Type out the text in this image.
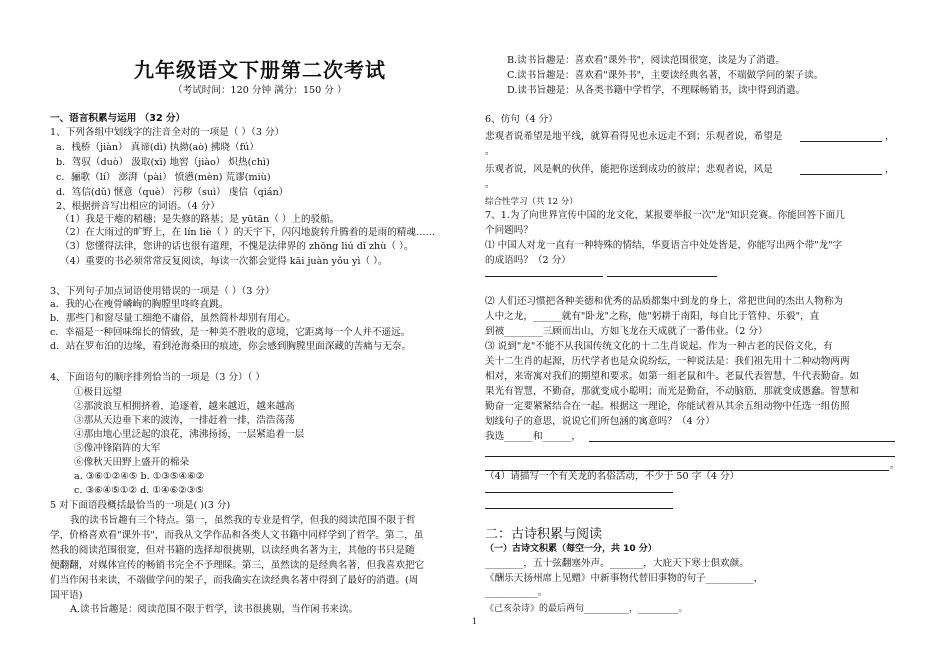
九年级语文下册第二次考试
（考试时间：120 分钟 满分：150 分 ）
一、语言积累与运用 （32 分）
1、下列各组中划线字的注音全对的一项是（ ）（3 分）
a．栈桥（jiàn） 真谛(dì) 执拗(aò) 拂晓（fú）
b．驾驭（duò） 汲取(xī) 地窖（jiào） 炽热(chì)
c．骊歌（lí） 澎湃（pài） 愤懑(mèn) 荒谬(miù)
d．笃信(dǔ) 惬意（què） 污秽（suì） 虔信（qián）
2、根据拼音写出相应的词语。（4 分）
（1）我是干瘪的稻穗；是失修的路基；是 yūtān（ ）上的驳船。
（2）在大雨过的旷野上，在 lín liè（ ）的天宇下，闪闪地旋转升腾着的是雨的精魂……
（3）您懂得法律，您讲的话也很有道理，不愧是法律界的 zhōng liú dǐ zhù（ ）。
（4）重要的书必须常常反复阅读，每读一次都会觉得 kāi juàn yǒu yì（ ）。
3、下列句子加点词语使用错误的一项是（ ）（3 分）
a．我的心在瘦骨嶙峋的胸膛里咚咚直跳。
b．那些门和窗尽量工细绝不庸俗，虽然简朴却别有用心。
c．幸福是一种回味绵长的情致，是一种美不胜收的意境，它距离每一个人并不遥远。
d．站在罗布泊的边缘，看到沧海桑田的痕迹，你会感到胸膛里面深藏的苦痛与无奈。
4、下面语句的顺序排列恰当的一项是（3 分）（ ）
①极目远望
②那波浪互相拥挤着，追逐着，越来越近，越来越高
③那从天边垂下来的波涛，一排赶着一排，浩浩荡荡
④那由地心里泛起的浪花，沸沸扬扬，一层紧追着一层
⑤像冲锋陷阵的大军
⑥像秋天田野上盛开的棉朵
a. ③⑥①②④⑤ b. ①③⑤④⑥②
c. ③⑥④⑤①② d. ①④⑥②③⑤
5 对下面语段概括最恰当的一项是( )(3 分)
我的读书旨趣有三个特点。第一，虽然我的专业是哲学，但我的阅读范围不限于哲
学，价格喜欢看"课外书"，而我从文学作品和各类人文书籍中同样学到了哲学。第二，虽
然我的阅读范围很宽，但对书籍的选择却很挑剔，以读经典名著为主，其他的书只是随
便翻翻，对媒体宣传的畅销书完全不予理睬。第三，虽然读的是经典名著，但我喜欢把它
们当作闲书来读，不端做学问的架子，而我确实在读经典名著中得到了最好的消遣。(周
国平语)
A.读书旨趣是：阅读范围不限于哲学，读书很挑剔，当作闲书来读。
B.读书旨趣是：喜欢看"课外书"，阅读范围很宽，读是为了消遣。
C.读书旨趣是：喜欢看"课外书"，主要读经典名著，不端做学问的架子读。
D.读书旨趣是：从各类书籍中学哲学，不理睬畅销书，读中得到消遣。
6、仿句（4 分）
悲观者说希望是地平线，就算看得见也永远走不到；乐观者说，希望是	，
。
乐观者说，风是帆的伙伴，能把你送到成功的彼岸；悲观者说，风是	，
。
综合性学习（共 12 分）
7、1.为了向世界宣传中国的龙文化，某报要举报一次"龙"知识竞赛。你能回答下面几
个问题吗？
⑴ 中国人对龙一直有一种特殊的情结，华夏语言中处处皆是，你能写出两个带"龙"字
的成语吗？（2 分）
⑵ 人们还习惯把各种美德和优秀的品质都集中到龙的身上，常把世间的杰出人物称为
人中之龙，______就有"卧龙"之称，他"躬耕于南阳，每自比于管仲、乐毅"，直
到被________三顾而出山，方如飞龙在天成就了一番伟业。（2 分）
⑶ 说到"龙"不能不从我国传统文化的十二生肖说起。作为一种古老的民俗文化，有
关十二生肖的起源，历代学者也是众说纷纭，一种说法是：我们祖先用十二种动物两两
相对，来寄寓对我们的期望和要求。如第一组老鼠和牛。老鼠代表智慧，牛代表勤奋。如
果光有智慧，不勤奋，那就变成小聪明；而光是勤奋，不动脑筋，那就变成愚蠢。智慧和
勤奋一定要紧紧结合在一起。根据这一理论，你能试着从其余五组动物中任选一组仿照
划线句子的意思，说说它们所包涵的寓意吗？（4 分）
我选______和______，
。
（4）请描写一个有关龙的名俗活动，不少于 50 字（4 分）
二：古诗积累与阅读
（一）古诗文积累（每空一分，共 10 分）
________，五十弦翻塞外声。_______，大庇天下寒士俱欢颜。
《酬乐天扬州席上见赠》中新事物代替旧事物的句子__________，
___________。
《己亥杂诗》的最后两句__________，_________。
1
